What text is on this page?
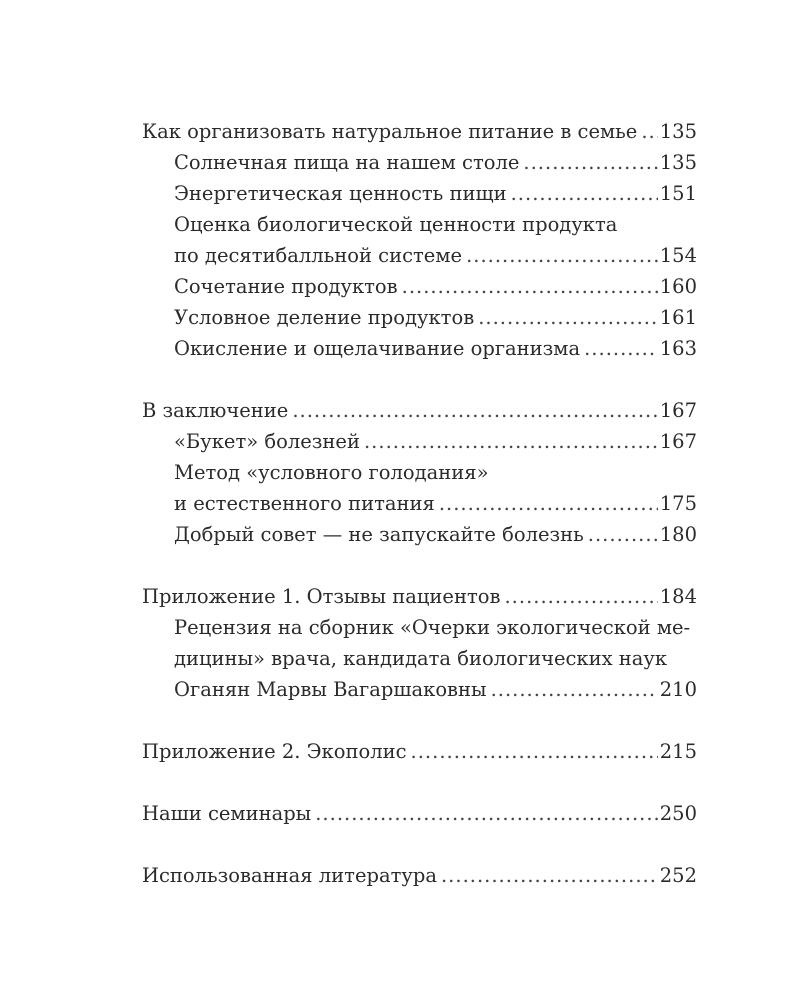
Как организовать натуральное питание в семье ..... 135
Солнечная пища на нашем столе .....	135
Энергетическая ценность пищи .....	151
Оценка биологической ценности продукта
по десятибалльной системе .....	154
Сочетание продуктов .....	160
Условное деление продуктов .....	161
Окисление и ощелачивание организма .....	163
В заключение .....	167
«Букет» болезней .....	167
Метод «условного голодания»
и естественного питания .....	175
Добрый совет — не запускайте болезнь .....	180
Приложение 1. Отзывы пациентов .....	184
Рецензия на сборник «Очерки экологической ме-
дицины» врача, кандидата биологических наук
Оганян Марвы Вагаршаковны .....	210
Приложение 2. Экополис .....	215
Наши семинары .....	250
Использованная литература .....	252
